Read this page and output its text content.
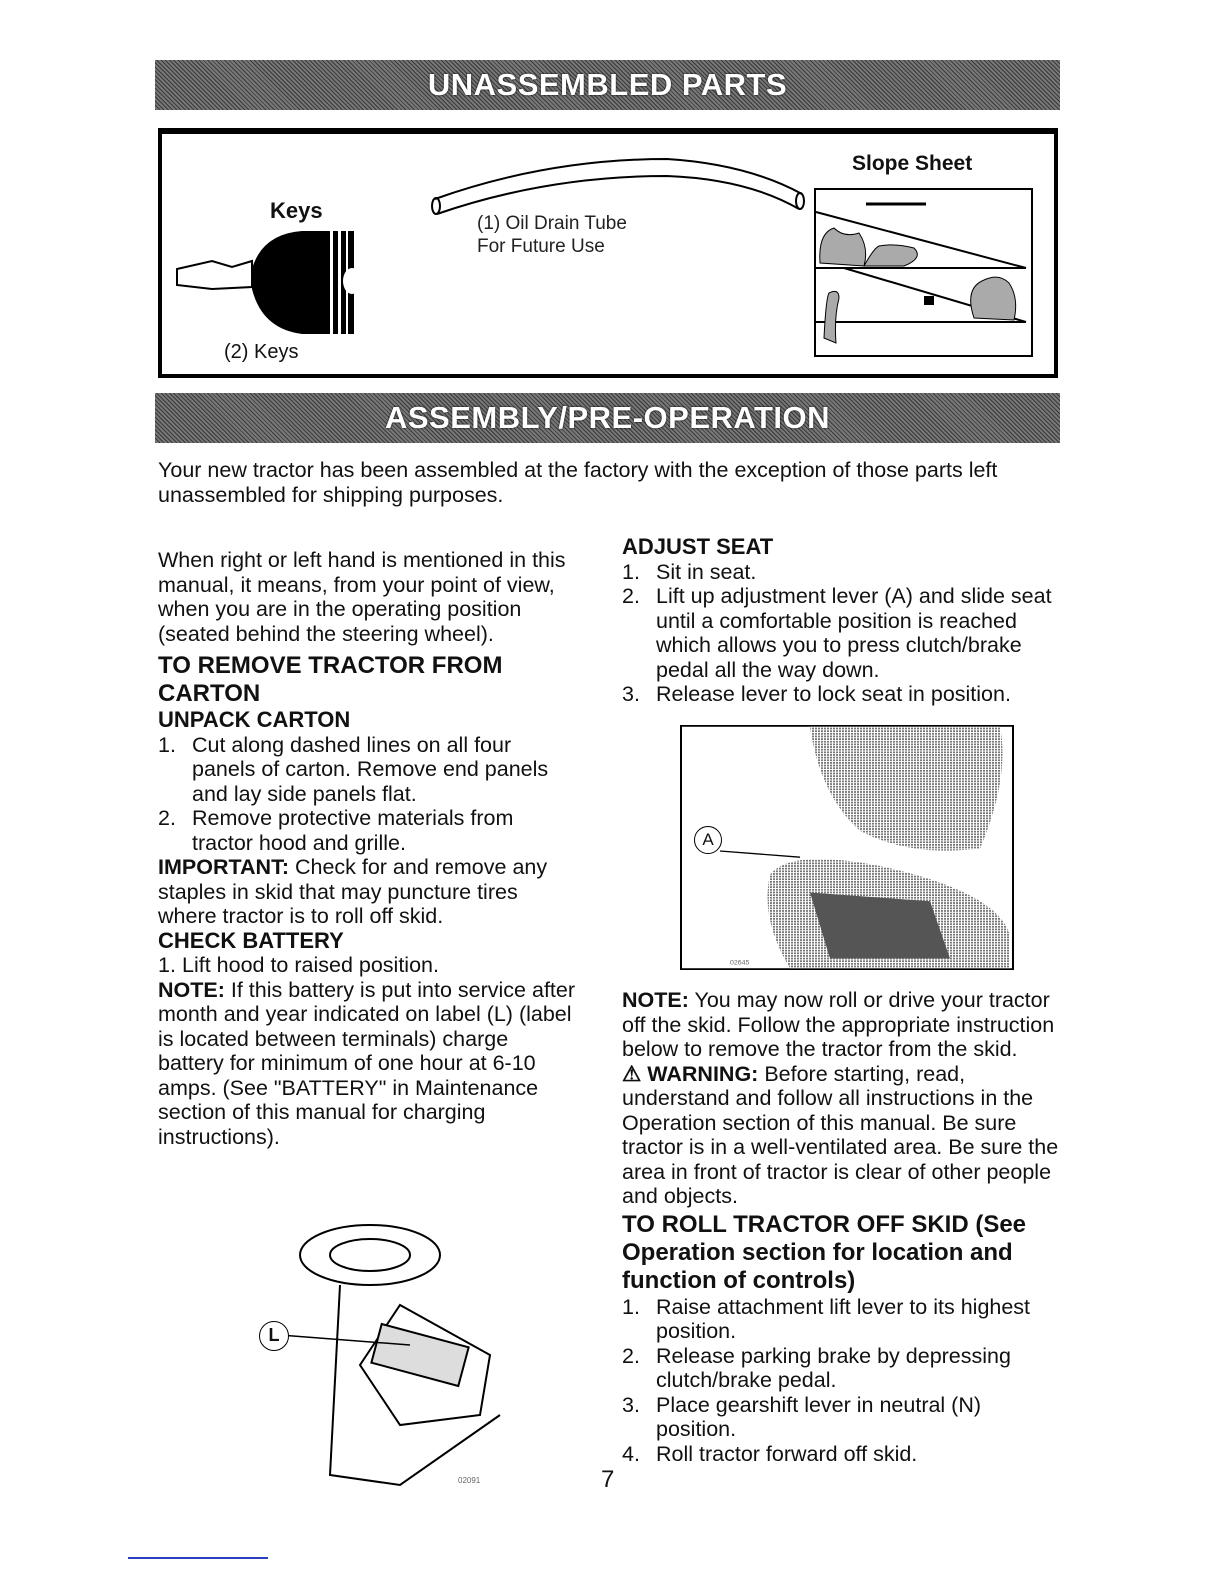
UNASSEMBLED PARTS
Keys
(2) Keys
(1) Oil Drain Tube
For Future Use
Slope Sheet
ASSEMBLY/PRE-OPERATION
Your new tractor has been assembled at the factory with the exception of those parts left unassembled for shipping purposes.
When right or left hand is mentioned in this manual, it means, from your point of view, when you are in the operating position (seated behind the steering wheel).
TO REMOVE TRACTOR FROM CARTON
UNPACK CARTON
1. Cut along dashed lines on all four panels of carton. Remove end panels and lay side panels flat.
2. Remove protective materials from tractor hood and grille.
IMPORTANT: Check for and remove any staples in skid that may puncture tires where tractor is to roll off skid.
CHECK BATTERY
1. Lift hood to raised position.
NOTE: If this battery is put into service after month and year indicated on label (L) (label is located between terminals) charge battery for minimum of one hour at 6-10 amps. (See "BATTERY" in Maintenance section of this manual for charging instructions).
02091
L
ADJUST SEAT
1. Sit in seat.
2. Lift up adjustment lever (A) and slide seat until a comfortable position is reached which allows you to press clutch/brake pedal all the way down.
3. Release lever to lock seat in position.
02645
A
NOTE: You may now roll or drive your tractor off the skid. Follow the appropriate instruction below to remove the tractor from the skid.
⚠ WARNING: Before starting, read, understand and follow all instructions in the Operation section of this manual. Be sure tractor is in a well-ventilated area. Be sure the area in front of tractor is clear of other people and objects.
TO ROLL TRACTOR OFF SKID (See Operation section for location and function of controls)
1. Raise attachment lift lever to its highest position.
2. Release parking brake by depressing clutch/brake pedal.
3. Place gearshift lever in neutral (N) position.
4. Roll tractor forward off skid.
7
